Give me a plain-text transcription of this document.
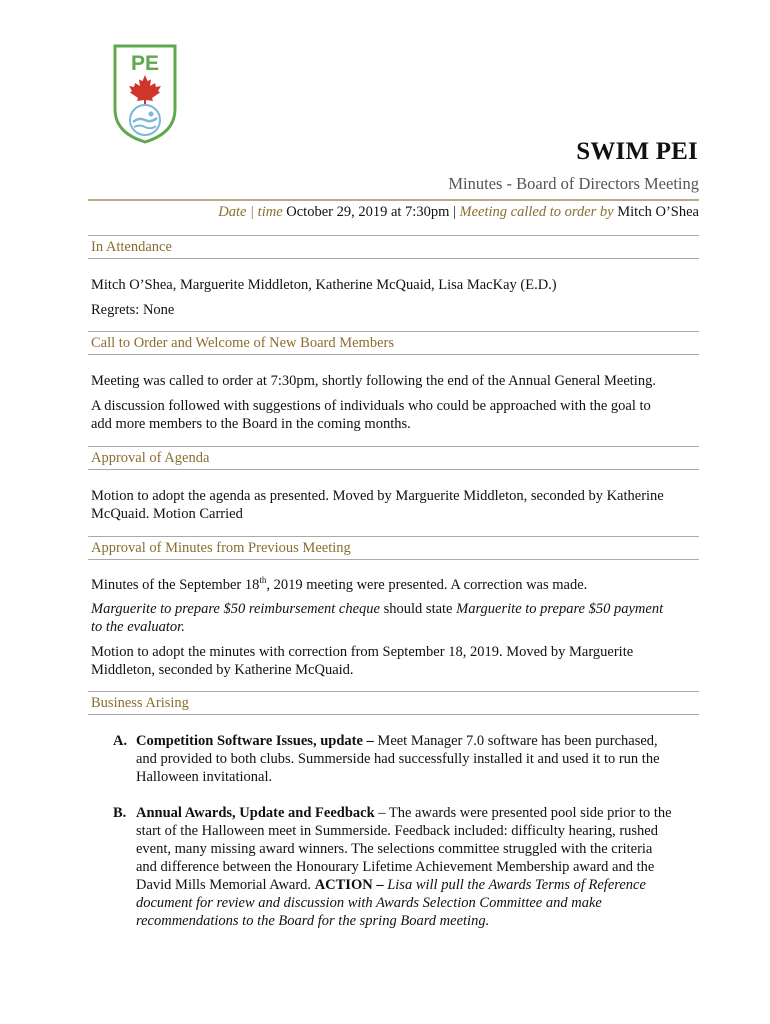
PE
SWIM PEI
Minutes - Board of Directors Meeting
Date | time October 29, 2019 at 7:30pm | Meeting called to order by Mitch O’Shea
In Attendance
Mitch O’Shea, Marguerite Middleton, Katherine McQuaid, Lisa MacKay (E.D.)
Regrets: None
Call to Order and Welcome of New Board Members
Meeting was called to order at 7:30pm, shortly following the end of the Annual General Meeting.
A discussion followed with suggestions of individuals who could be approached with the goal to
add more members to the Board in the coming months.
Approval of Agenda
Motion to adopt the agenda as presented. Moved by Marguerite Middleton, seconded by Katherine
McQuaid. Motion Carried
Approval of Minutes from Previous Meeting
Minutes of the September 18th, 2019 meeting were presented. A correction was made.
Marguerite to prepare $50 reimbursement cheque should state Marguerite to prepare $50 payment
to the evaluator.
Motion to adopt the minutes with correction from September 18, 2019. Moved by Marguerite
Middleton, seconded by Katherine McQuaid.
Business Arising
A. Competition Software Issues, update – Meet Manager 7.0 software has been purchased,
and provided to both clubs. Summerside had successfully installed it and used it to run the
Halloween invitational.
B. Annual Awards, Update and Feedback – The awards were presented pool side prior to the
start of the Halloween meet in Summerside. Feedback included: difficulty hearing, rushed
event, many missing award winners. The selections committee struggled with the criteria
and difference between the Honourary Lifetime Achievement Membership award and the
David Mills Memorial Award. ACTION – Lisa will pull the Awards Terms of Reference
document for review and discussion with Awards Selection Committee and make
recommendations to the Board for the spring Board meeting.
